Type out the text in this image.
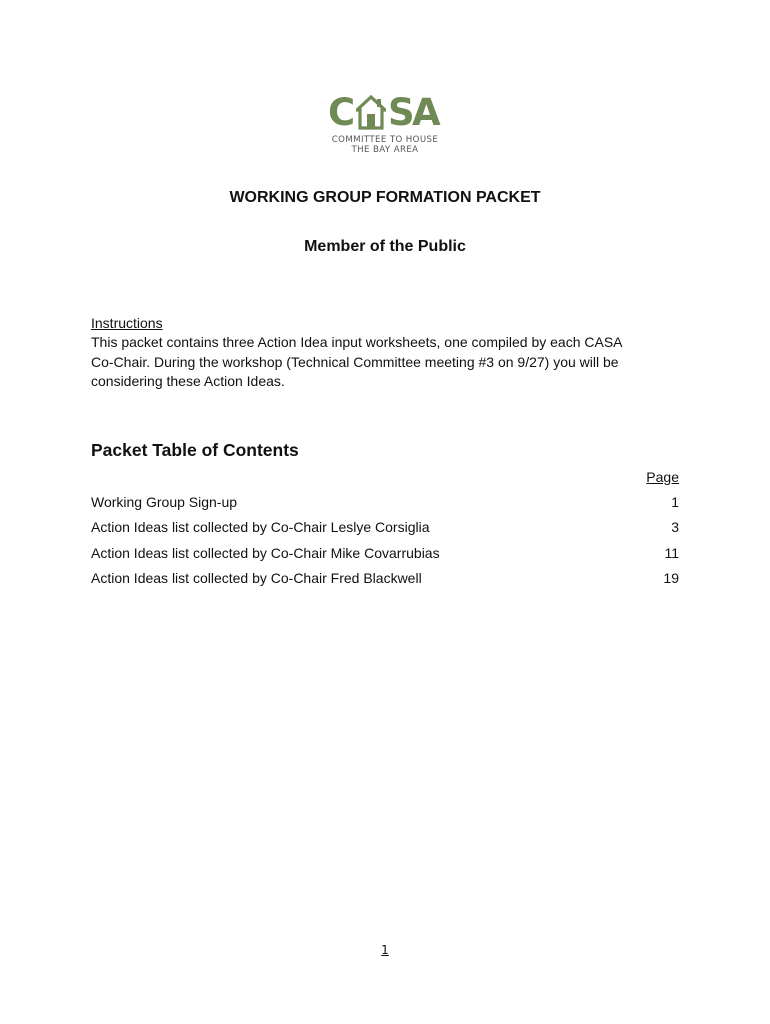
C S
A
COMMITTEE TO HOUSE
THE BAY AREA
WORKING GROUP FORMATION PACKET
Member of the Public
Instructions
This packet contains three Action Idea input worksheets, one compiled by each CASA
Co-Chair. During the workshop (Technical Committee meeting #3 on 9/27) you will be
considering these Action Ideas.
Packet Table of Contents
Page
Working Group Sign-up	1
Action Ideas list collected by Co-Chair Leslye Corsiglia	3
Action Ideas list collected by Co-Chair Mike Covarrubias	11
Action Ideas list collected by Co-Chair Fred Blackwell	19
1
